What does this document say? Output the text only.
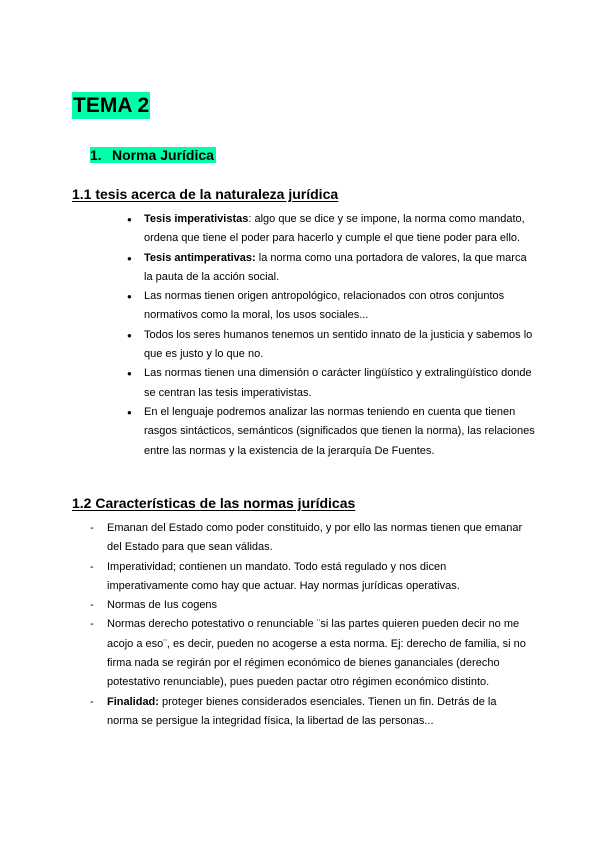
TEMA 2
1. Norma Jurídica
1.1 tesis acerca de la naturaleza jurídica
● Tesis imperativistas: algo que se dice y se impone, la norma como mandato, ordena que tiene el poder para hacerlo y cumple el que tiene poder para ello.
● Tesis antimperativas: la norma como una portadora de valores, la que marca la pauta de la acción social.
● Las normas tienen origen antropológico, relacionados con otros conjuntos normativos como la moral, los usos sociales...
● Todos los seres humanos tenemos un sentido innato de la justicia y sabemos lo que es justo y lo que no.
● Las normas tienen una dimensión o carácter lingüístico y extralingüístico donde se centran las tesis imperativistas.
● En el lenguaje podremos analizar las normas teniendo en cuenta que tienen rasgos sintácticos, semánticos (significados que tienen la norma), las relaciones entre las normas y la existencia de la jerarquía De Fuentes.
1.2 Características de las normas jurídicas
- Emanan del Estado como poder constituido, y por ello las normas tienen que emanar del Estado para que sean válidas.
- Imperatividad; contienen un mandato. Todo está regulado y nos dicen imperativamente como hay que actuar. Hay normas jurídicas operativas.
- Normas de Ius cogens
- Normas derecho potestativo o renunciable ¨si las partes quieren pueden decir no me acojo a eso¨, es decir, pueden no acogerse a esta norma. Ej: derecho de familia, si no firma nada se regirán por el régimen económico de bienes gananciales (derecho potestativo renunciable), pues pueden pactar otro régimen económico distinto.
- Finalidad: proteger bienes considerados esenciales. Tienen un fin. Detrás de la norma se persigue la integridad física, la libertad de las personas...
